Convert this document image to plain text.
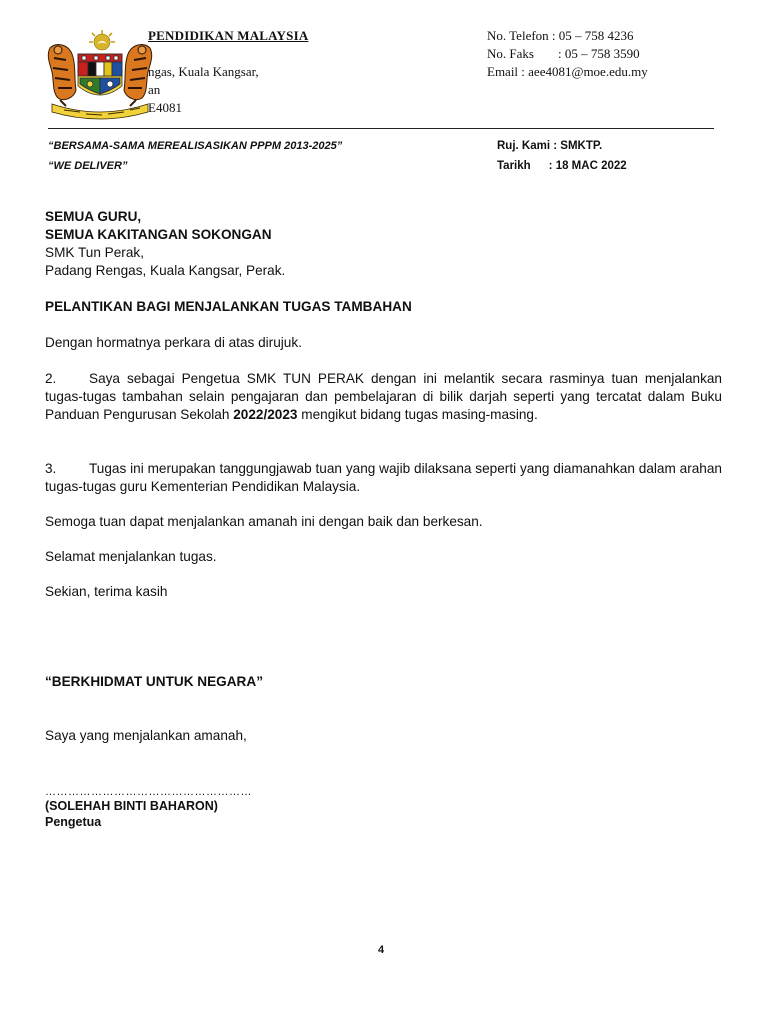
PENDIDIKAN MALAYSIA
ngas, Kuala Kangsar,
an
E4081
No. Telefon : 05 – 758 4236
No. Faks : 05 – 758 3590
Email : aee4081@moe.edu.my
“BERSAMA-SAMA MEREALISASIKAN PPPM 2013-2025”
“WE DELIVER”
Ruj. Kami : SMKTP.
Tarikh : 18 MAC 2022
SEMUA GURU,
SEMUA KAKITANGAN SOKONGAN
SMK Tun Perak,
Padang Rengas, Kuala Kangsar, Perak.
PELANTIKAN BAGI MENJALANKAN TUGAS TAMBAHAN
Dengan hormatnya perkara di atas dirujuk.
2. Saya sebagai Pengetua SMK TUN PERAK dengan ini melantik secara rasminya tuan menjalankan tugas-tugas tambahan selain pengajaran dan pembelajaran di bilik darjah seperti yang tercatat dalam Buku Panduan Pengurusan Sekolah 2022/2023 mengikut bidang tugas masing-masing.
3. Tugas ini merupakan tanggungjawab tuan yang wajib dilaksana seperti yang diamanahkan dalam arahan tugas-tugas guru Kementerian Pendidikan Malaysia.
Semoga tuan dapat menjalankan amanah ini dengan baik dan berkesan.
Selamat menjalankan tugas.
Sekian, terima kasih
“BERKHIDMAT UNTUK NEGARA”
Saya yang menjalankan amanah,
………………………………………………
(SOLEHAH BINTI BAHARON)
Pengetua
4
